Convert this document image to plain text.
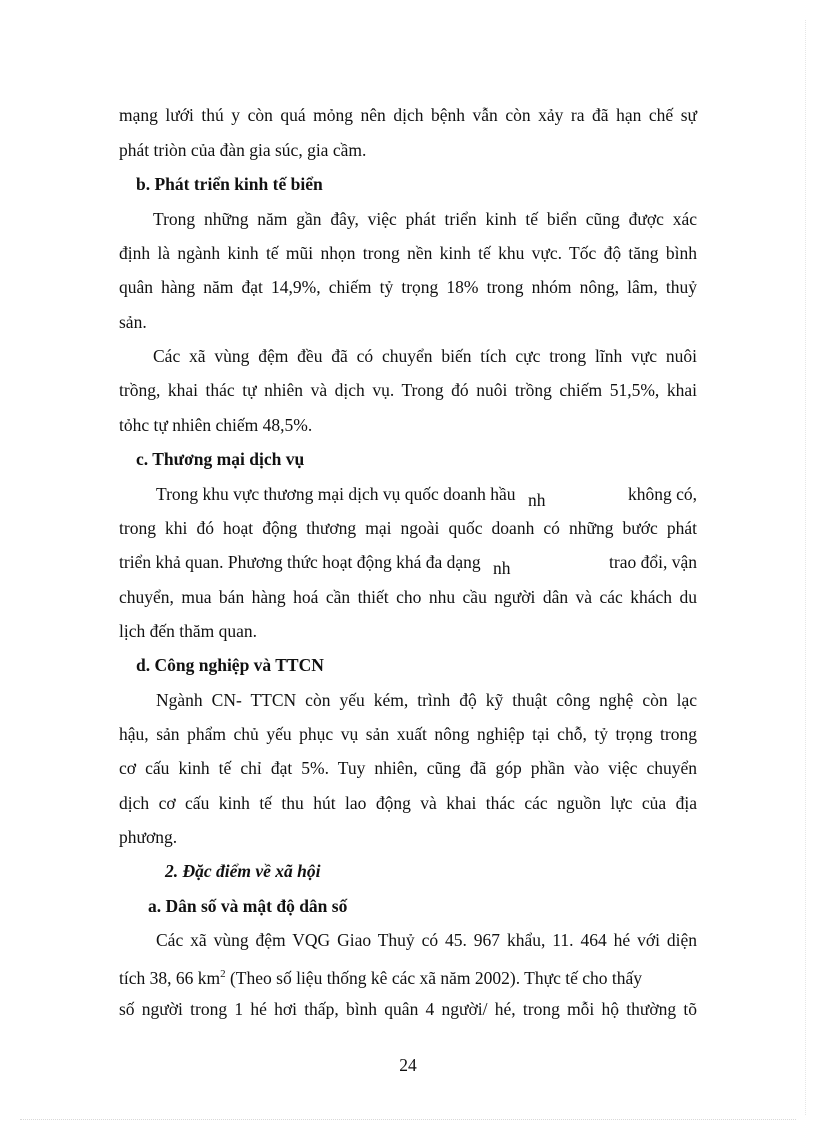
mạng lưới thú y còn quá mỏng nên dịch bệnh vẫn còn xảy ra đã hạn chế sự
phát triòn của đàn gia súc, gia cầm.
b. Phát triển kinh tế biển
Trong những năm gần đây, việc phát triển kinh tế biển cũng được xác
định là ngành kinh tế mũi nhọn trong nền kinh tế khu vực. Tốc độ tăng bình
quân hàng năm đạt 14,9%, chiếm tỷ trọng 18% trong nhóm nông, lâm, thuỷ
sản.
Các xã vùng đệm đều đã có chuyển biến tích cực trong lĩnh vực nuôi
trồng, khai thác tự nhiên và dịch vụ. Trong đó nuôi trồng chiếm 51,5%, khai
tỏhc tự nhiên chiếm 48,5%.
c. Thương mại dịch vụ
Trong khu vực thương mại dịch vụ quốc doanh hầu nh	không có,
trong khi đó hoạt động thương mại ngoài quốc doanh có những bước phát
triển khả quan. Phương thức hoạt động khá đa dạng nh	trao đổi, vận
chuyển, mua bán hàng hoá cần thiết cho nhu cầu người dân và các khách du
lịch đến thăm quan.
d. Công nghiệp và TTCN
Ngành CN- TTCN còn yếu kém, trình độ kỹ thuật công nghệ còn lạc
hậu, sản phẩm chủ yếu phục vụ sản xuất nông nghiệp tại chỗ, tỷ trọng trong
cơ cấu kinh tế chỉ đạt 5%. Tuy nhiên, cũng đã góp phần vào việc chuyển
dịch cơ cấu kinh tế thu hút lao động và khai thác các nguồn lực của địa
phương.
2. Đặc điểm về xã hội
a. Dân số và mật độ dân số
Các xã vùng đệm VQG Giao Thuỷ có 45. 967 khẩu, 11. 464 hé với diện
tích 38, 66 $km^2$ (Theo số liệu thống kê các xã năm 2002). Thực tế cho thấy
số người trong 1 hé hơi thấp, bình quân 4 người/ hé, trong mỗi hộ thường tõ
24
